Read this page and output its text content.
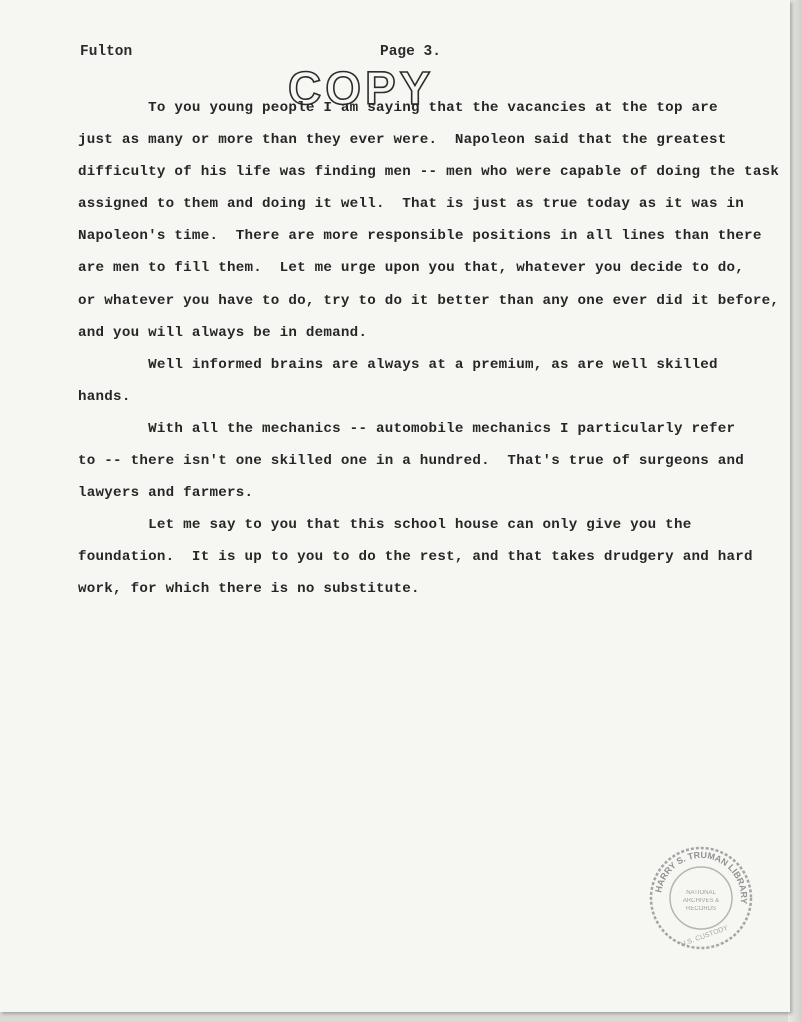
Fulton	Page 3.
COPY
To you young people I am saying that the vacancies at the top are
just as many or more than they ever were.  Napoleon said that the greatest
difficulty of his life was finding men -- men who were capable of doing the task
assigned to them and doing it well.  That is just as true today as it was in
Napoleon's time.  There are more responsible positions in all lines than there
are men to fill them.  Let me urge upon you that, whatever you decide to do,
or whatever you have to do, try to do it better than any one ever did it before,
and you will always be in demand.
Well informed brains are always at a premium, as are well skilled
hands.
With all the mechanics -- automobile mechanics I particularly refer
to -- there isn't one skilled one in a hundred.  That's true of surgeons and
lawyers and farmers.
Let me say to you that this school house can only give you the
foundation.  It is up to you to do the rest, and that takes drudgery and hard
work, for which there is no substitute.
HARRY S. TRUMAN LIBRARY
NATIONAL
ARCHIVES &
RECORDS
U.S. CUSTODY
